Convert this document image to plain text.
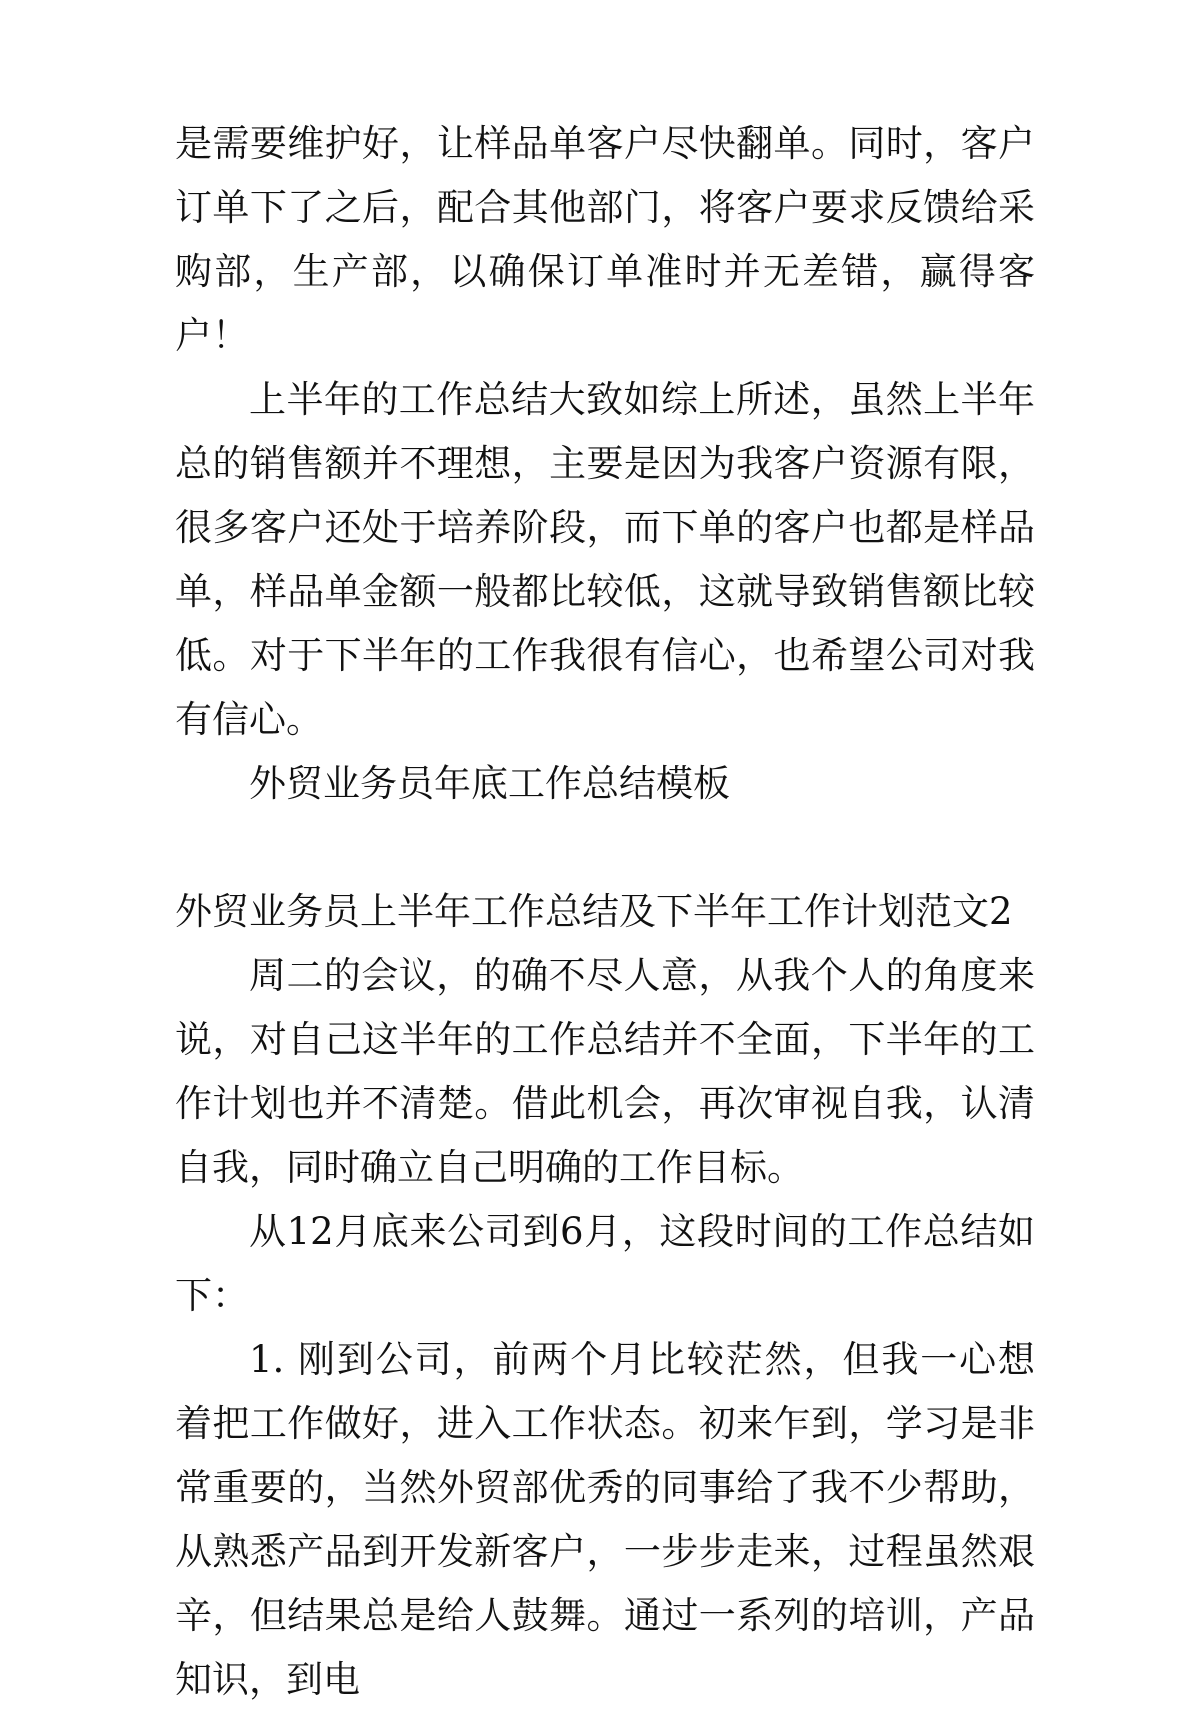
是需要维护好，让样品单客户尽快翻单。同时，客户订单下了之后，配合其他部门，将客户要求反馈给采购部，生产部，以确保订单准时并无差错，赢得客户！

上半年的工作总结大致如综上所述，虽然上半年总的销售额并不理想，主要是因为我客户资源有限，很多客户还处于培养阶段，而下单的客户也都是样品单，样品单金额一般都比较低，这就导致销售额比较低。对于下半年的工作我很有信心，也希望公司对我有信心。

外贸业务员年底工作总结模板

外贸业务员上半年工作总结及下半年工作计划范文2

周二的会议，的确不尽人意，从我个人的角度来说，对自己这半年的工作总结并不全面，下半年的工作计划也并不清楚。借此机会，再次审视自我，认清自我，同时确立自己明确的工作目标。

从12月底来公司到6月，这段时间的工作总结如下：

1. 刚到公司，前两个月比较茫然，但我一心想着把工作做好，进入工作状态。初来乍到，学习是非常重要的，当然外贸部优秀的同事给了我不少帮助，从熟悉产品到开发新客户，一步步走来，过程虽然艰辛，但结果总是给人鼓舞。通过一系列的培训，产品知识，到电
